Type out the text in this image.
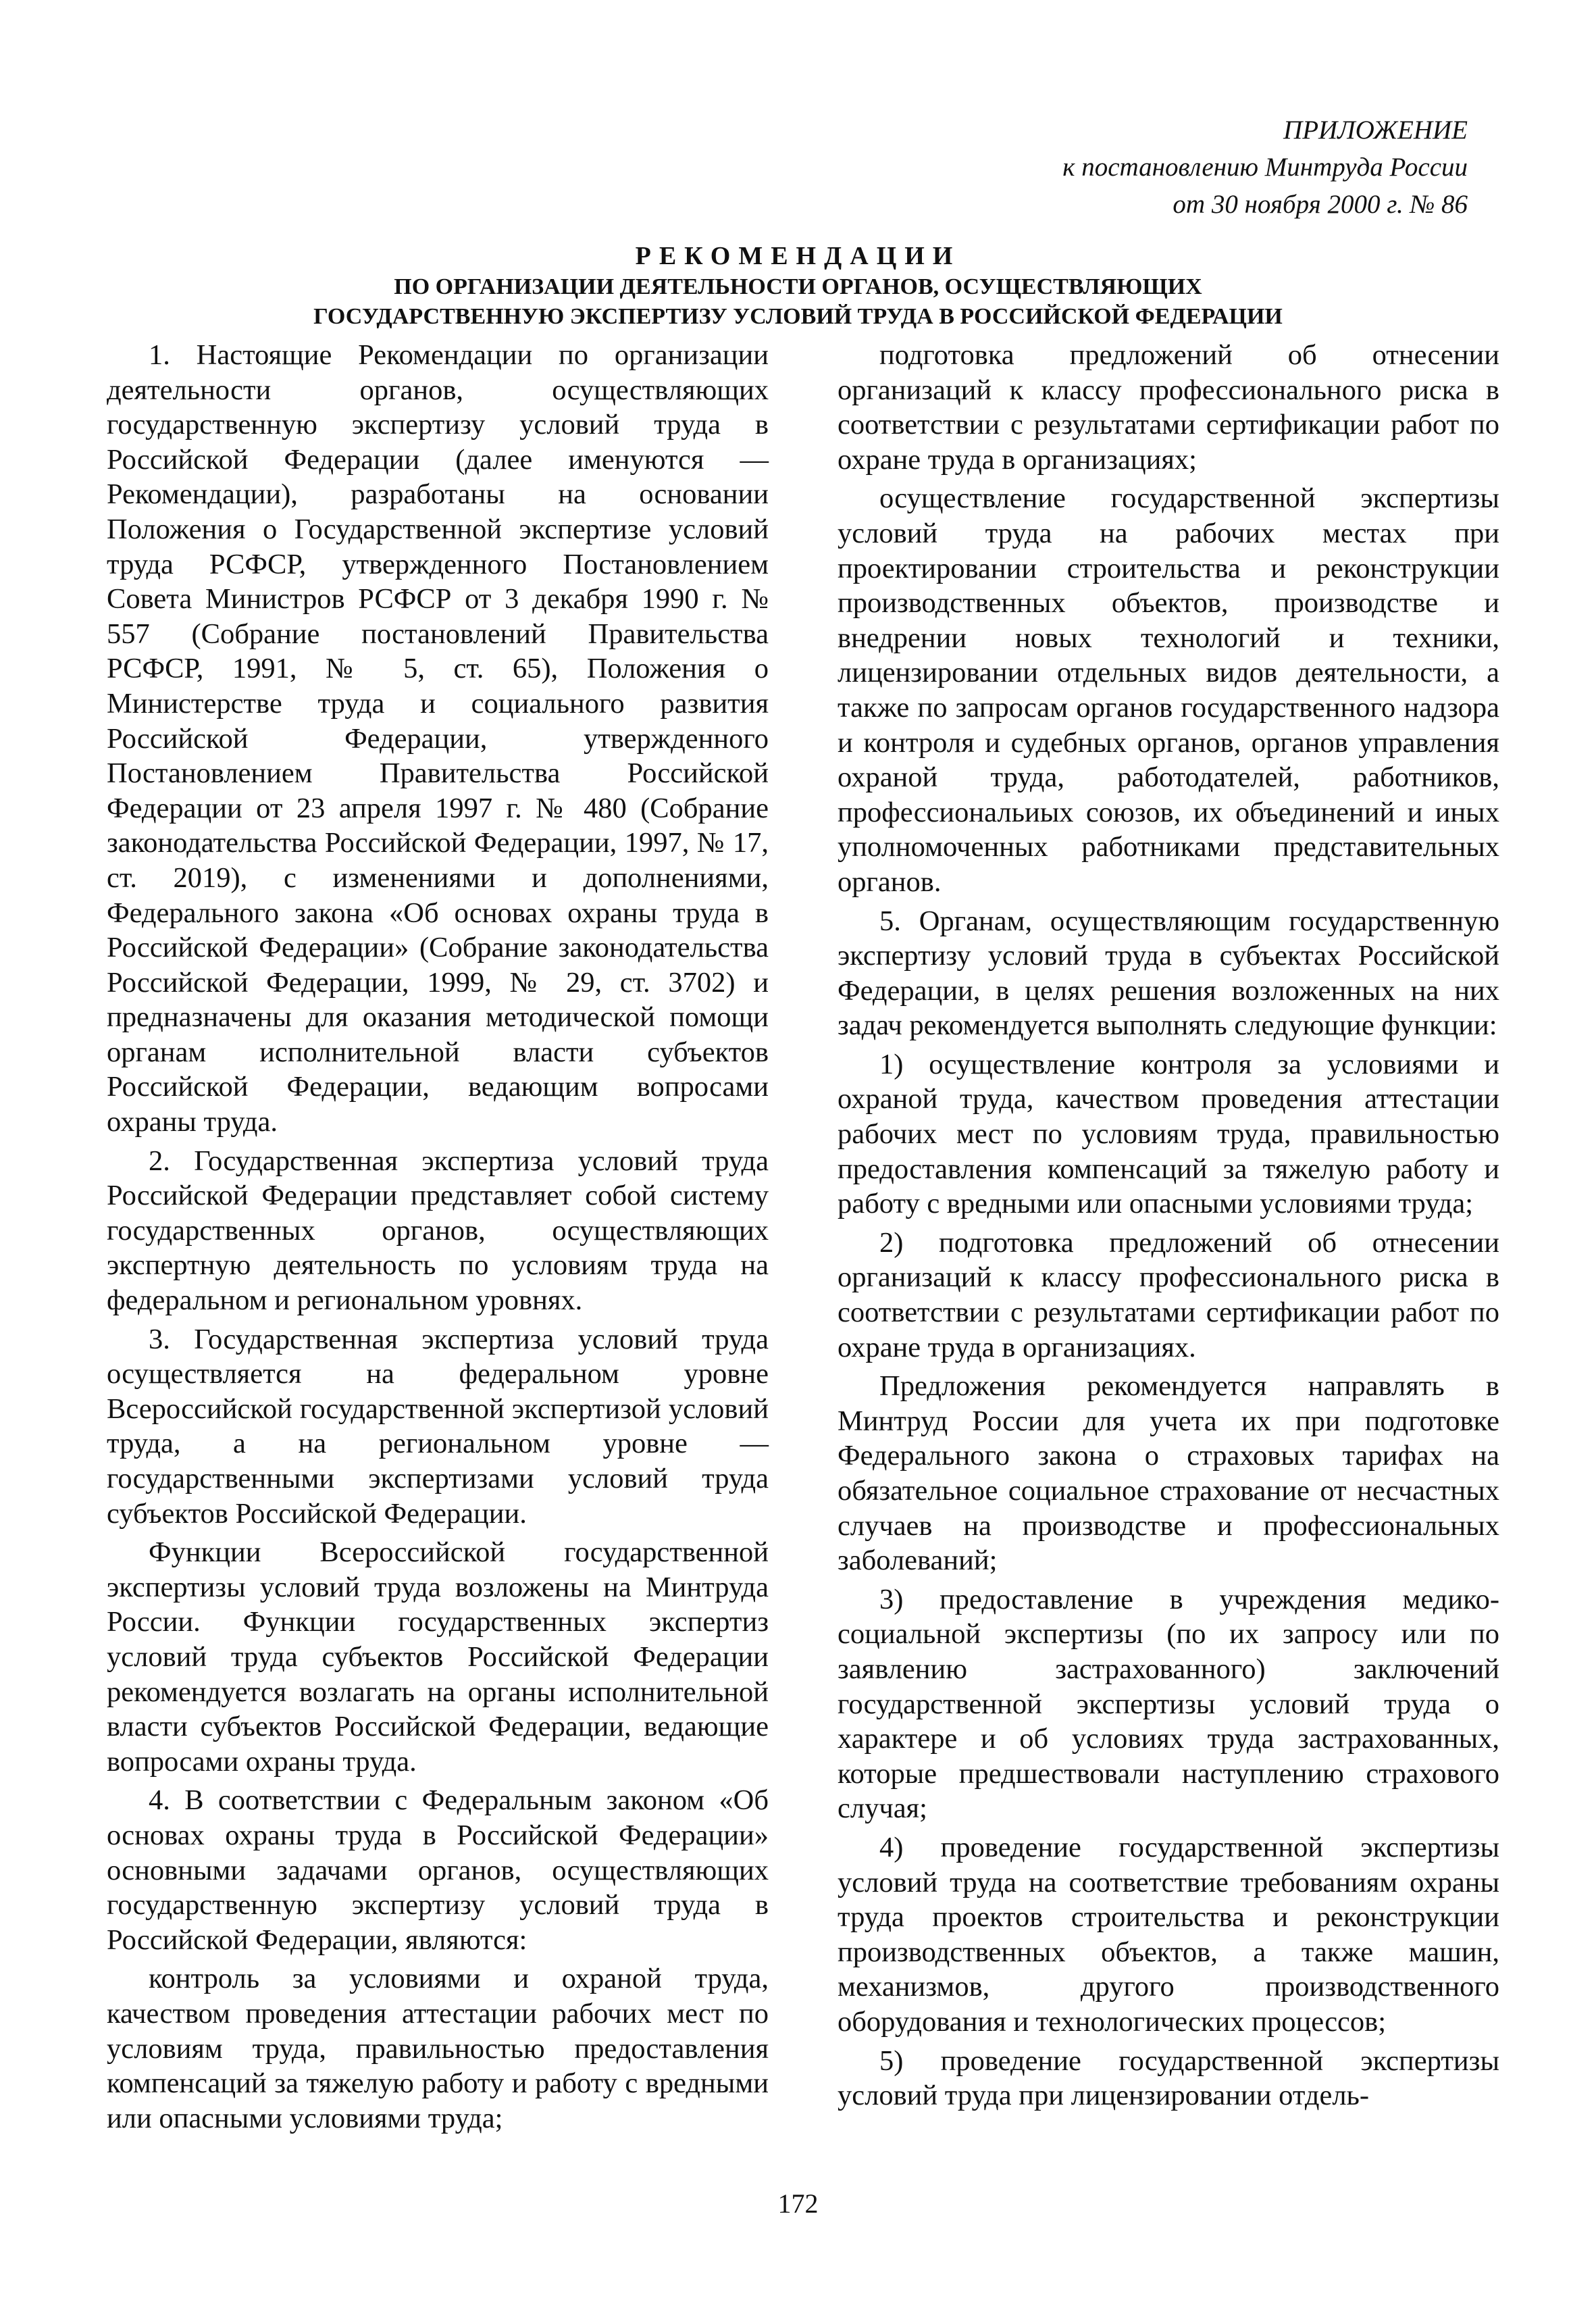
ПРИЛОЖЕНИЕ
к постановлению Минтруда России
от 30 ноября 2000 г. № 86
РЕКОМЕНДАЦИИ
ПО ОРГАНИЗАЦИИ ДЕЯТЕЛЬНОСТИ ОРГАНОВ, ОСУЩЕСТВЛЯЮЩИХ
ГОСУДАРСТВЕННУЮ ЭКСПЕРТИЗУ УСЛОВИЙ ТРУДА В РОССИЙСКОЙ ФЕДЕРАЦИИ

1. Настоящие Рекомендации по организации деятельности органов, осуществляющих государственную экспертизу условий труда в Российской Федерации (далее именуются — Рекомендации), разработаны на основании Положения о Государственной экспертизе условий труда РСФСР, утвержденного Постановлением Совета Министров РСФСР от 3 декабря 1990 г. № 557 (Собрание постановлений Правительства РСФСР, 1991, № 5, ст. 65), Положения о Министерстве труда и социального развития Российской Федерации, утвержденного Постановлением Правительства Российской Федерации от 23 апреля 1997 г. № 480 (Собрание законодательства Российской Федерации, 1997, № 17, ст. 2019), с изменениями и дополнениями, Федерального закона «Об основах охраны труда в Российской Федерации» (Собрание законодательства Российской Федерации, 1999, № 29, ст. 3702) и предназначены для оказания методической помощи органам исполнительной власти субъектов Российской Федерации, ведающим вопросами охраны труда.

2. Государственная экспертиза условий труда Российской Федерации представляет собой систему государственных органов, осуществляющих экспертную деятельность по условиям труда на федеральном и региональном уровнях.

3. Государственная экспертиза условий труда осуществляется на федеральном уровне Всероссийской государственной экспертизой условий труда, а на региональном уровне — государственными экспертизами условий труда субъектов Российской Федерации.

Функции Всероссийской государственной экспертизы условий труда возложены на Минтруда России. Функции государственных экспертиз условий труда субъектов Российской Федерации рекомендуется возлагать на органы исполнительной власти субъектов Российской Федерации, ведающие вопросами охраны труда.

4. В соответствии с Федеральным законом «Об основах охраны труда в Российской Федерации» основными задачами органов, осуществляющих государственную экспертизу условий труда в Российской Федерации, являются:

контроль за условиями и охраной труда, качеством проведения аттестации рабочих мест по условиям труда, правильностью предоставления компенсаций за тяжелую работу и работу с вредными или опасными условиями труда;

подготовка предложений об отнесении организаций к классу профессионального риска в соответствии с результатами сертификации работ по охране труда в организациях;

осуществление государственной экспертизы условий труда на рабочих местах при проектировании строительства и реконструкции производственных объектов, производстве и внедрении новых технологий и техники, лицензировании отдельных видов деятельности, а также по запросам органов государственного надзора и контроля и судебных органов, органов управления охраной труда, работодателей, работников, профессиональиых союзов, их объединений и иных уполномоченных работниками представительных органов.

5. Органам, осуществляющим государственную экспертизу условий труда в субъектах Российской Федерации, в целях решения возложенных на них задач рекомендуется выполнять следующие функции:

1) осуществление контроля за условиями и охраной труда, качеством проведения аттестации рабочих мест по условиям труда, правильностью предоставления компенсаций за тяжелую работу и работу с вредными или опасными условиями труда;

2) подготовка предложений об отнесении организаций к классу профессионального риска в соответствии с результатами сертификации работ по охране труда в организациях.

Предложения рекомендуется направлять в Минтруд России для учета их при подготовке Федерального закона о страховых тарифах на обязательное социальное страхование от несчастных случаев на производстве и профессиональных заболеваний;

3) предоставление в учреждения медико-социальной экспертизы (по их запросу или по заявлению застрахованного) заключений государственной экспертизы условий труда о характере и об условиях труда застрахованных, которые предшествовали наступлению страхового случая;

4) проведение государственной экспертизы условий труда на соответствие требованиям охраны труда проектов строительства и реконструкции производственных объектов, а также машин, механизмов, другого производственного оборудования и технологических процессов;

5) проведение государственной экспертизы условий труда при лицензировании отдель-

172
